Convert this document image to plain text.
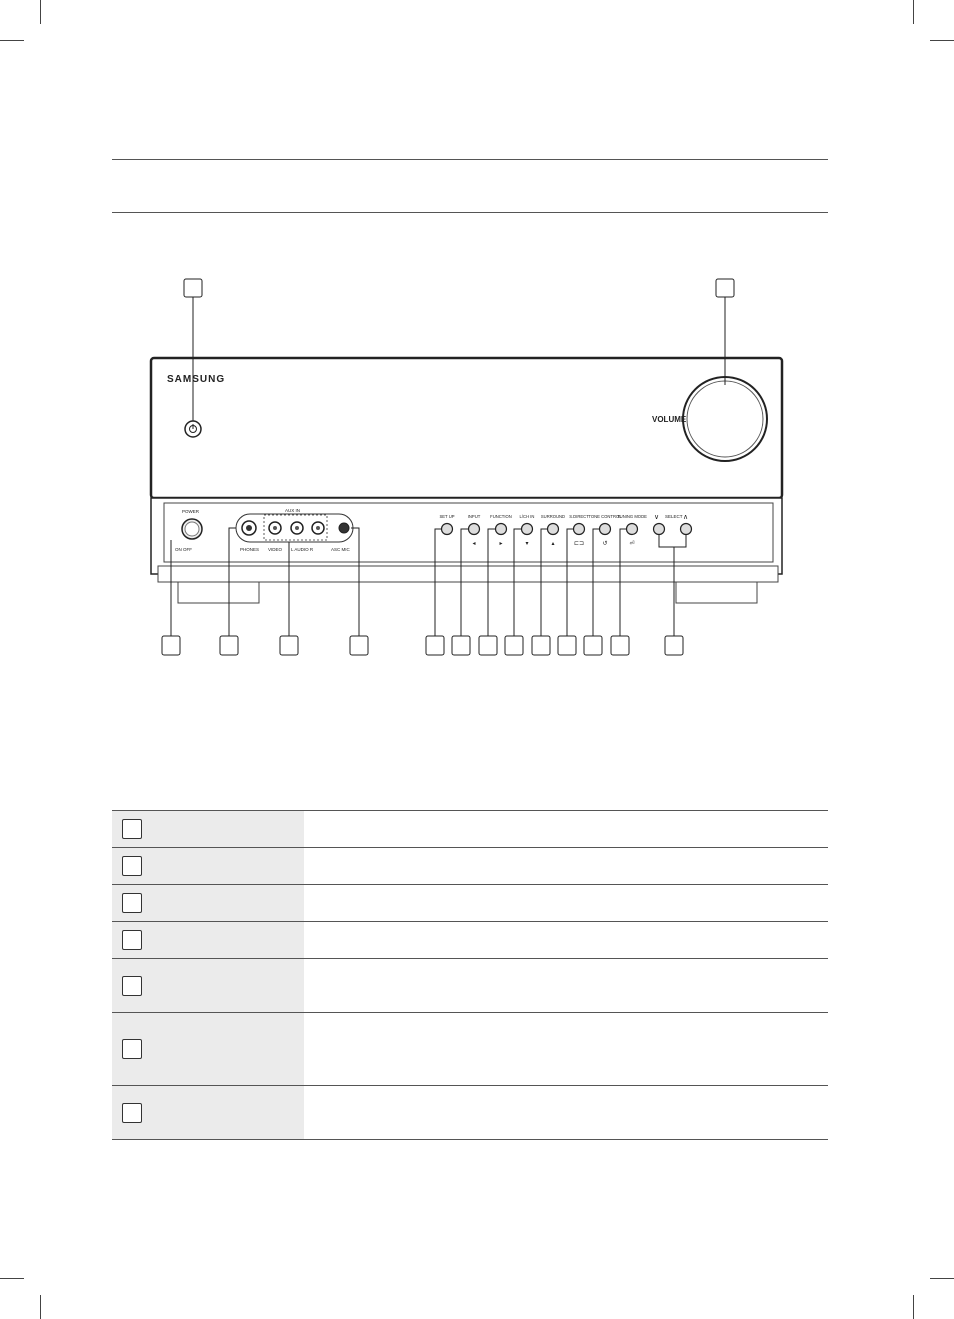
SAMSUNG
VOLUME
POWER
ON OFF
AUX IN
PHONES VIDEO L AUDIO R	ASC MIC
SET UP	INPUT
◂
FUNCTION
▸
L/CH IN
▾
SURROUND
▴
S.DIRECT
⊏⊐
TONE CONTROL
↺
TUNING MODE
⏎
∨ SELECT ∧
